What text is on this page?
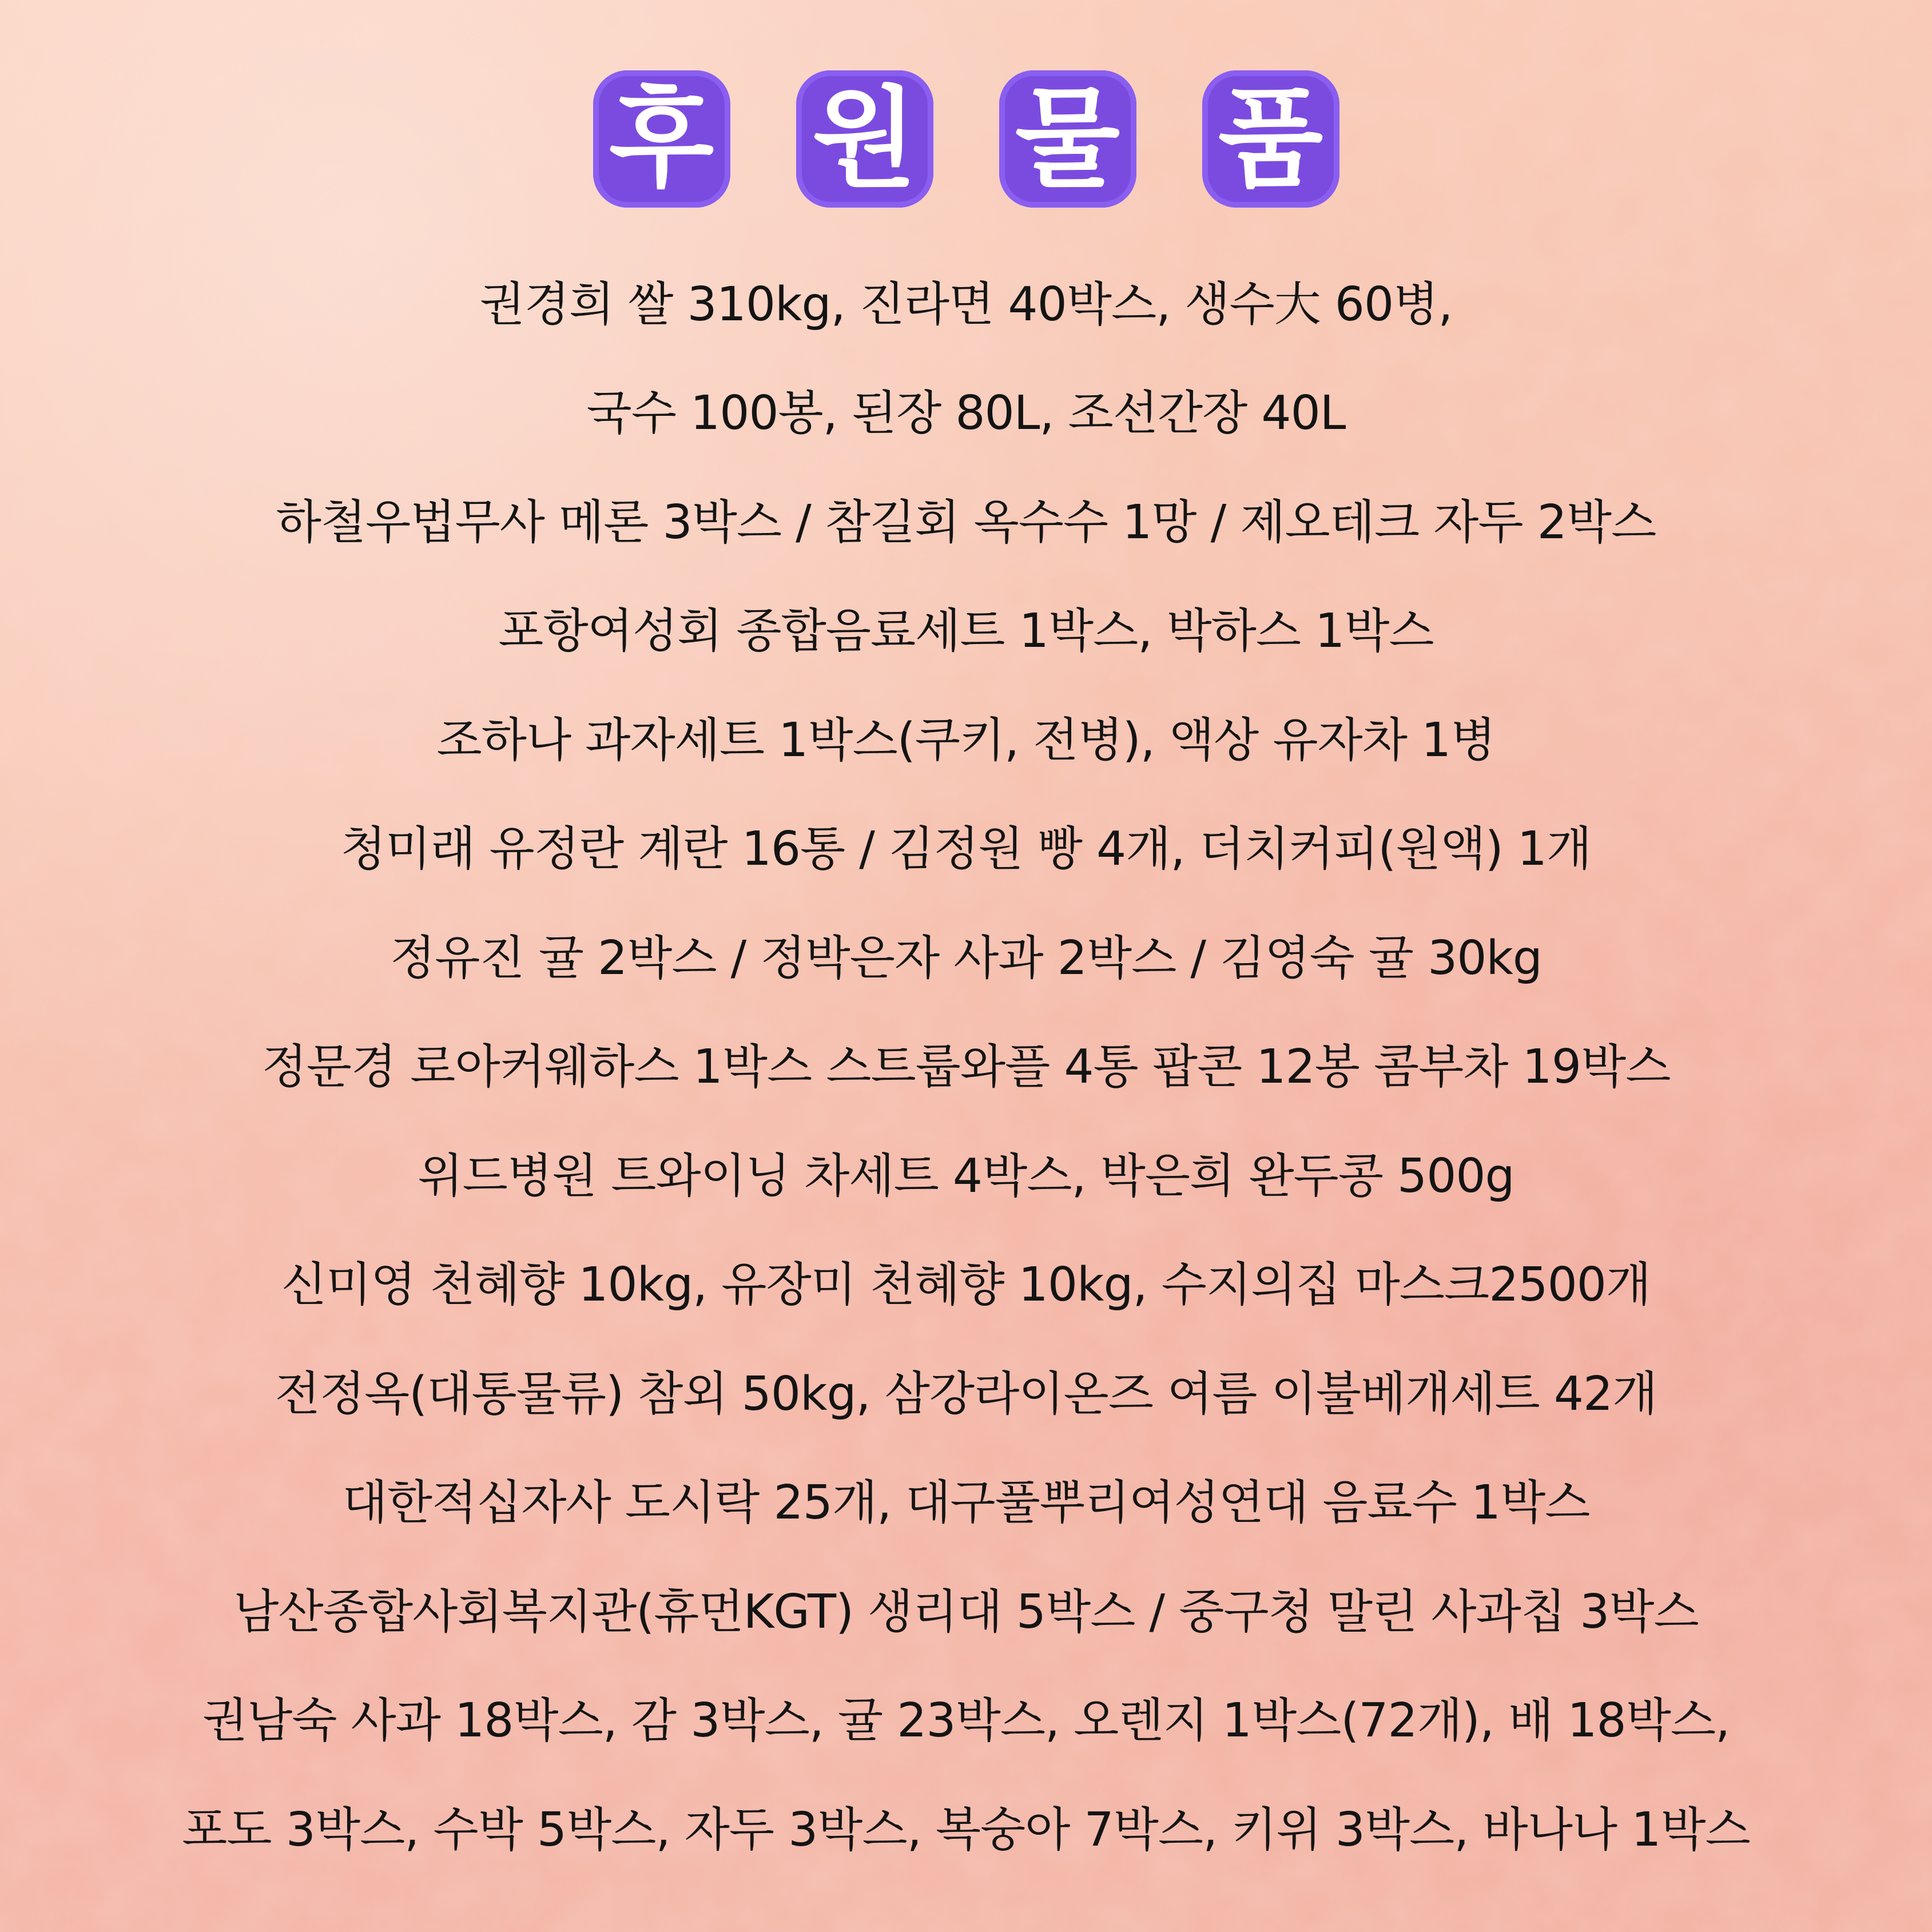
후 원 물 품
권경희 쌀 310kg, 진라면 40박스, 생수大 60병,
국수 100봉, 된장 80L, 조선간장 40L
하철우법무사 메론 3박스 / 참길회 옥수수 1망 / 제오테크 자두 2박스
포항여성회 종합음료세트 1박스, 박하스 1박스
조하나 과자세트 1박스(쿠키, 전병), 액상 유자차 1병
청미래 유정란 계란 16통 / 김정원 빵 4개, 더치커피(원액) 1개
정유진 귤 2박스 / 정박은자 사과 2박스 / 김영숙 귤 30kg
정문경 로아커웨하스 1박스 스트룹와플 4통 팝콘 12봉 콤부차 19박스
위드병원 트와이닝 차세트 4박스, 박은희 완두콩 500g
신미영 천혜향 10kg, 유장미 천혜향 10kg, 수지의집 마스크2500개
전정옥(대통물류) 참외 50kg, 삼강라이온즈 여름 이불베개세트 42개
대한적십자사 도시락 25개, 대구풀뿌리여성연대 음료수 1박스
남산종합사회복지관(휴먼KGT) 생리대 5박스 / 중구청 말린 사과칩 3박스
권남숙 사과 18박스, 감 3박스, 귤 23박스, 오렌지 1박스(72개), 배 18박스,
포도 3박스, 수박 5박스, 자두 3박스, 복숭아 7박스, 키위 3박스, 바나나 1박스
